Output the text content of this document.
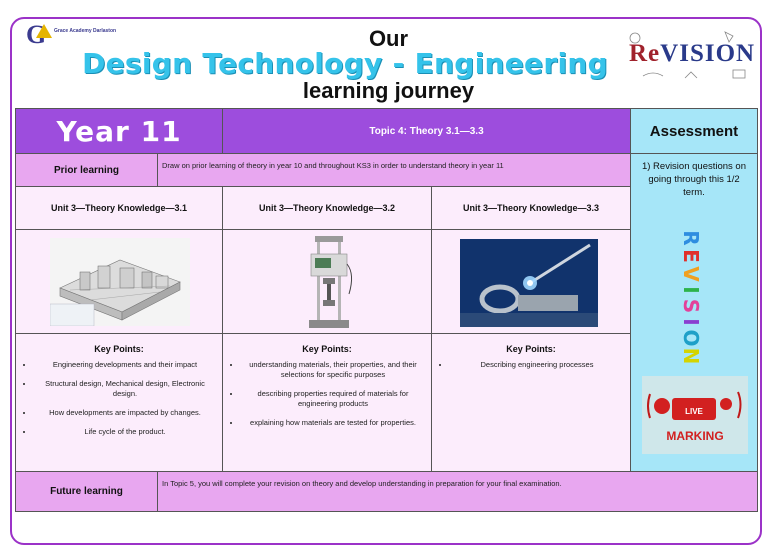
G Grace Academy Darlaston	Our
Design Technology - Engineering
learning journey
ReVISION
Year 11	Topic 4: Theory 3.1—3.3	Assessment
Prior learning	Draw on prior learning of theory in year 10 and throughout KS3 in order to understand theory in year 11	1) Revision questions on going through this 1/2 term.
Unit 3—Theory Knowledge—3.1	Unit 3—Theory Knowledge—3.2	Unit 3—Theory Knowledge—3.3
Key Points:
• Engineering developments and their impact
• Structural design, Mechanical design, Electronic design.
• How developments are impacted by changes.
• Life cycle of the product.
Key Points:
• understanding materials, their properties, and their selections for specific purposes
• describing properties required of materials for engineering products
• explaining how materials are tested for properties.
Key Points:
• Describing engineering processes
Future learning
In Topic 5, you will complete your revision on theory and develop understanding in preparation for your final examination.
R
E
V
I
S
I
O
N
LIVE
MARKING
